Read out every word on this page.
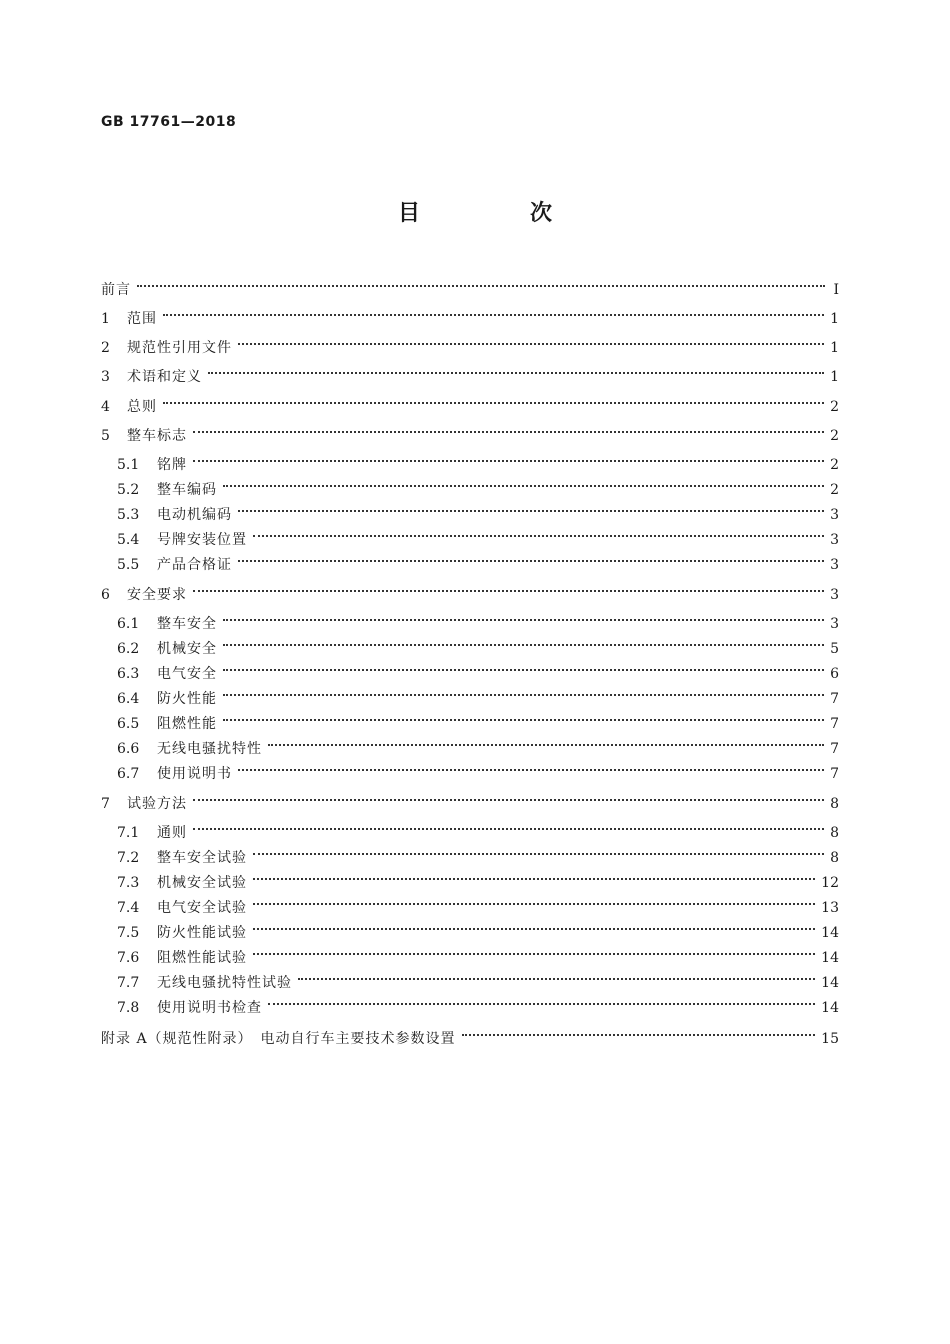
GB 17761—2018
目　次
前言	Ⅰ
1	范围	1
2	规范性引用文件	1
3	术语和定义	1
4	总则	2
5	整车标志	2
5.1	铭牌	2
5.2	整车编码	2
5.3	电动机编码	3
5.4	号牌安装位置	3
5.5	产品合格证	3
6	安全要求	3
6.1	整车安全	3
6.2	机械安全	5
6.3	电气安全	6
6.4	防火性能	7
6.5	阻燃性能	7
6.6	无线电骚扰特性	7
6.7	使用说明书	7
7	试验方法	8
7.1	通则	8
7.2	整车安全试验	8
7.3	机械安全试验	12
7.4	电气安全试验	13
7.5	防火性能试验	14
7.6	阻燃性能试验	14
7.7	无线电骚扰特性试验	14
7.8	使用说明书检查	14
附录 A（规范性附录）　电动自行车主要技术参数设置	15
